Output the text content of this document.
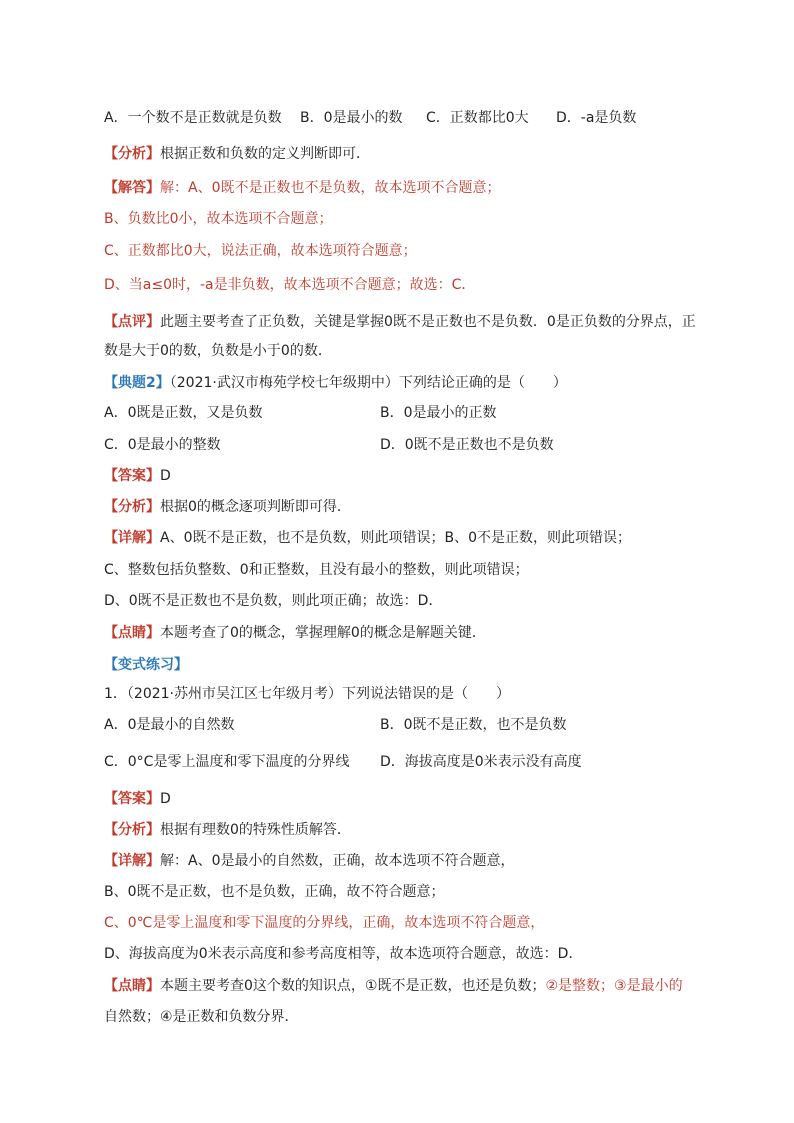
A．一个数不是正数就是负数 B．0是最小的数 C．正数都比0大 D．-a是负数
【分析】根据正数和负数的定义判断即可．
【解答】解：A、0既不是正数也不是负数，故本选项不合题意；
B、负数比0小，故本选项不合题意；
C、正数都比0大，说法正确，故本选项符合题意；
D、当a≤0时，-a是非负数，故本选项不合题意；故选：C．
【点评】此题主要考查了正负数，关键是掌握0既不是正数也不是负数．0是正负数的分界点，正
数是大于0的数，负数是小于0的数．
【典题2】（2021·武汉市梅苑学校七年级期中）下列结论正确的是（　　）
A．0既是正数，又是负数	B．0是最小的正数
C．0是最小的整数	D．0既不是正数也不是负数
【答案】D
【分析】根据0的概念逐项判断即可得．
【详解】A、0既不是正数，也不是负数，则此项错误；B、0不是正数，则此项错误；
C、整数包括负整数、0和正整数，且没有最小的整数，则此项错误；
D、0既不是正数也不是负数，则此项正确；故选：D．
【点睛】本题考查了0的概念，掌握理解0的概念是解题关键．
【变式练习】
1．（2021·苏州市吴江区七年级月考）下列说法错误的是（　　）
A．0是最小的自然数	B．0既不是正数，也不是负数
C．0°C是零上温度和零下温度的分界线 D．海拔高度是0米表示没有高度
【答案】D
【分析】根据有理数0的特殊性质解答．
【详解】解：A、0是最小的自然数，正确，故本选项不符合题意，
B、0既不是正数，也不是负数，正确，故不符合题意；
C、0℃是零上温度和零下温度的分界线，正确，故本选项不符合题意，
D、海拔高度为0米表示高度和参考高度相等，故本选项符合题意，故选：D．
【点睛】本题主要考查0这个数的知识点，①既不是正数，也还是负数；②是整数；③是最小的
自然数；④是正数和负数分界．
